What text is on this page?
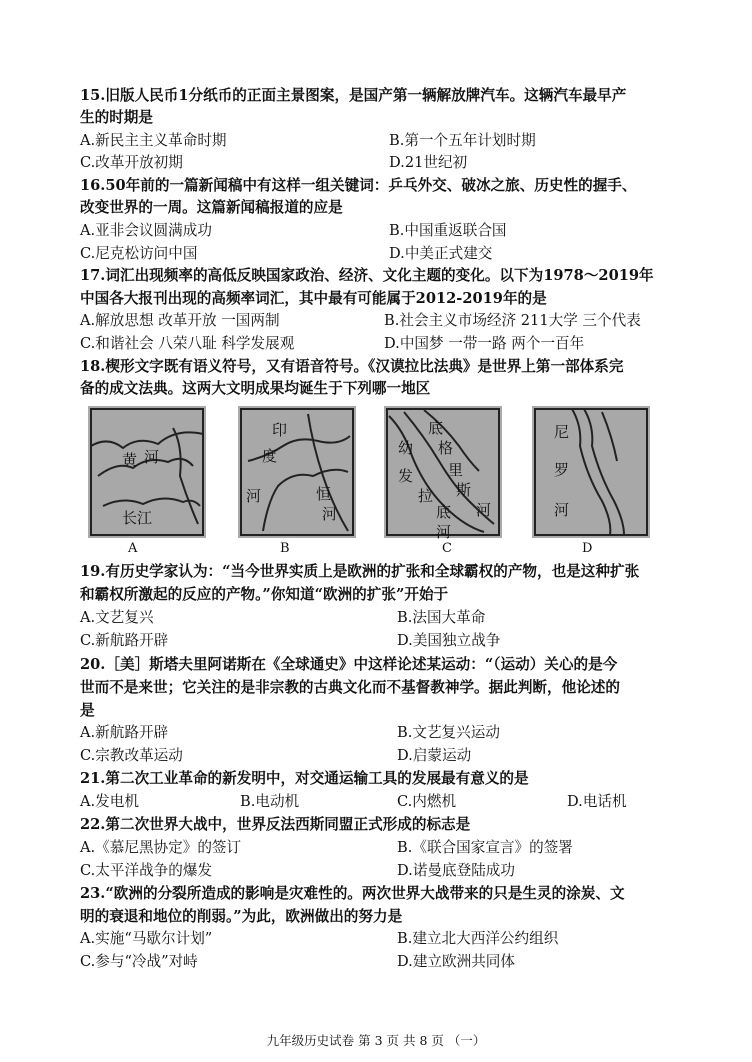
15.旧版人民币1分纸币的正面主景图案，是国产第一辆解放牌汽车。这辆汽车最早产
生的时期是
A.新民主主义革命时期	B.第一个五年计划时期
C.改革开放初期	D.21世纪初
16.50年前的一篇新闻稿中有这样一组关键词：乒乓外交、破冰之旅、历史性的握手、
改变世界的一周。这篇新闻稿报道的应是
A.亚非会议圆满成功	B.中国重返联合国
C.尼克松访问中国	D.中美正式建交
17.词汇出现频率的高低反映国家政治、经济、文化主题的变化。以下为1978～2019年
中国各大报刊出现的高频率词汇，其中最有可能属于2012-2019年的是
A.解放思想 改革开放 一国两制	B.社会主义市场经济 211大学 三个代表
C.和谐社会 八荣八耻 科学发展观	D.中国梦 一带一路 两个一百年
18.楔形文字既有语义符号，又有语音符号。《汉谟拉比法典》是世界上第一部体系完
备的成文法典。这两大文明成果均诞生于下列哪一地区
黄 河
长江
A
印
度
河	恒
河
B
底
幼 格
发 里
拉 斯
底
河
河
C
尼
罗
河
D
19.有历史学家认为：“当今世界实质上是欧洲的扩张和全球霸权的产物，也是这种扩张
和霸权所激起的反应的产物。”你知道“欧洲的扩张”开始于
A.文艺复兴	B.法国大革命
C.新航路开辟	D.美国独立战争
20.［美］斯塔夫里阿诺斯在《全球通史》中这样论述某运动：“（运动）关心的是今
世而不是来世；它关注的是非宗教的古典文化而不基督教神学。据此判断，他论述的
是
A.新航路开辟	B.文艺复兴运动
C.宗教改革运动	D.启蒙运动
21.第二次工业革命的新发明中，对交通运输工具的发展最有意义的是
A.发电机	B.电动机	C.内燃机	D.电话机
22.第二次世界大战中，世界反法西斯同盟正式形成的标志是
A.《慕尼黑协定》的签订	B.《联合国家宣言》的签署
C.太平洋战争的爆发	D.诺曼底登陆成功
23.“欧洲的分裂所造成的影响是灾难性的。两次世界大战带来的只是生灵的涂炭、文
明的衰退和地位的削弱。”为此，欧洲做出的努力是
A.实施“马歇尔计划”	B.建立北大西洋公约组织
C.参与“冷战”对峙	D.建立欧洲共同体
九年级历史试卷 第 3 页 共 8 页 （一）
